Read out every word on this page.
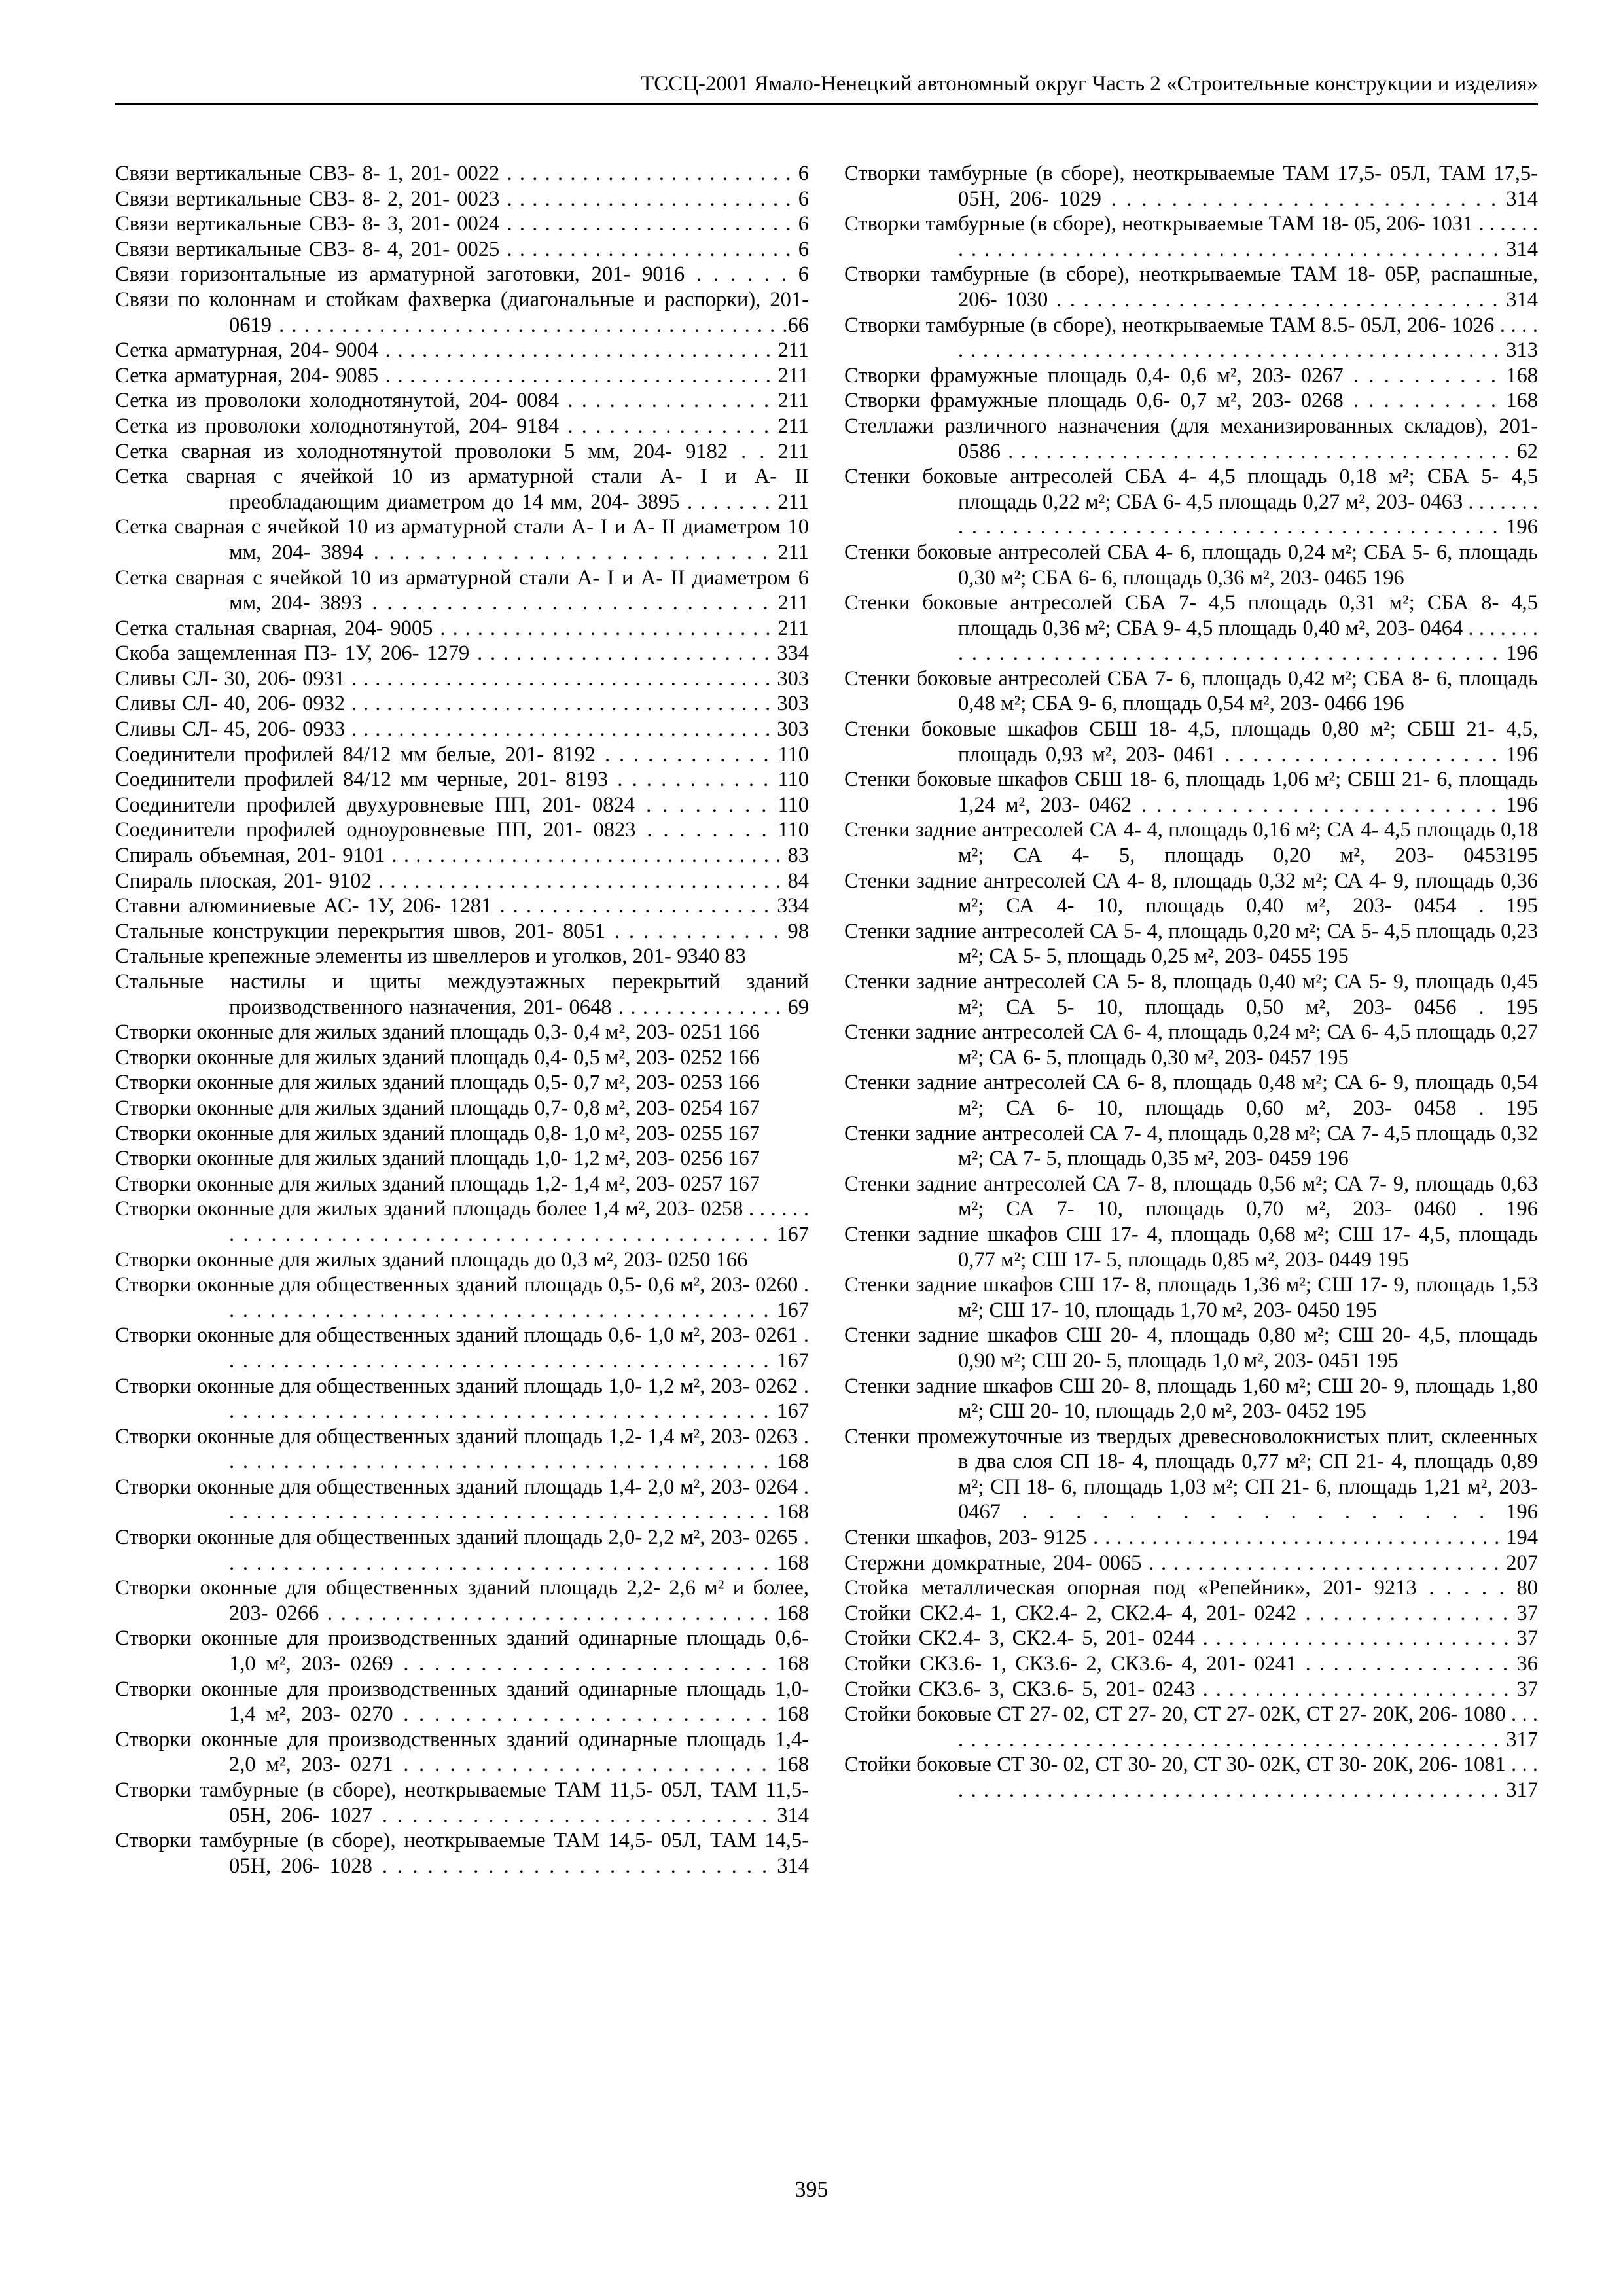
ТССЦ-2001 Ямало-Ненецкий автономный округ Часть 2 «Строительные конструкции и изделия»
Связи вертикальные СВ3- 8- 1, 201- 0022 . . . . . . . . . . . . . . . . . . . . . . . 6
Связи вертикальные СВ3- 8- 2, 201- 0023 . . . . . . . . . . . . . . . . . . . . . . . 6
Связи вертикальные СВ3- 8- 3, 201- 0024 . . . . . . . . . . . . . . . . . . . . . . . 6
Связи вертикальные СВ3- 8- 4, 201- 0025 . . . . . . . . . . . . . . . . . . . . . . . 6
Связи горизонтальные из арматурной заготовки, 201- 9016 . . . . . . 6
Связи по колоннам и стойкам фахверка (диагональные и распорки), 201- 0619 . . . . . . . . . . . . . . . . . . . . . . . . . . . . . . . . . . . . . . . . .66
Сетка арматурная, 204- 9004 . . . . . . . . . . . . . . . . . . . . . . . . . . . . . . . . 211
Сетка арматурная, 204- 9085 . . . . . . . . . . . . . . . . . . . . . . . . . . . . . . . . 211
Сетка из проволоки холоднотянутой, 204- 0084 . . . . . . . . . . . . . . . 211
Сетка из проволоки холоднотянутой, 204- 9184 . . . . . . . . . . . . . . . 211
Сетка сварная из холоднотянутой проволоки 5 мм, 204- 9182 . . 211
Сетка сварная с ячейкой 10 из арматурной стали А- I и А- II преобладающим диаметром до 14 мм, 204- 3895 . . . . . . . 211
Сетка сварная с ячейкой 10 из арматурной стали А- I и А- II диаметром 10 мм, 204- 3894 . . . . . . . . . . . . . . . . . . . . . . . . . . 211
Сетка сварная с ячейкой 10 из арматурной стали А- I и А- II диаметром 6 мм, 204- 3893 . . . . . . . . . . . . . . . . . . . . . . . . . . . 211
Сетка стальная сварная, 204- 9005 . . . . . . . . . . . . . . . . . . . . . . . . . . . 211
Скоба защемленная П3- 1У, 206- 1279 . . . . . . . . . . . . . . . . . . . . . . . 334
Сливы СЛ- 30, 206- 0931 . . . . . . . . . . . . . . . . . . . . . . . . . . . . . . . . . . . . 303
Сливы СЛ- 40, 206- 0932 . . . . . . . . . . . . . . . . . . . . . . . . . . . . . . . . . . . . 303
Сливы СЛ- 45, 206- 0933 . . . . . . . . . . . . . . . . . . . . . . . . . . . . . . . . . . . . 303
Соединители профилей 84/12 мм белые, 201- 8192 . . . . . . . . . . . . 110
Соединители профилей 84/12 мм черные, 201- 8193 . . . . . . . . . . . 110
Соединители профилей двухуровневые ПП, 201- 0824 . . . . . . . . 110
Соединители профилей одноуровневые ПП, 201- 0823 . . . . . . . . 110
Спираль объемная, 201- 9101 . . . . . . . . . . . . . . . . . . . . . . . . . . . . . . . . . 83
Спираль плоская, 201- 9102 . . . . . . . . . . . . . . . . . . . . . . . . . . . . . . . . . . 84
Ставни алюминиевые АС- 1У, 206- 1281 . . . . . . . . . . . . . . . . . . . . . 334
Стальные конструкции перекрытия швов, 201- 8051 . . . . . . . . . . . . 98
Стальные крепежные элементы из швеллеров и уголков, 201- 9340 83
Стальные настилы и щиты междуэтажных перекрытий зданий производственного назначения, 201- 0648 . . . . . . . . . . . . . . 69
Створки оконные для жилых зданий площадь 0,3- 0,4 м², 203- 0251 166
Створки оконные для жилых зданий площадь 0,4- 0,5 м², 203- 0252 166
Створки оконные для жилых зданий площадь 0,5- 0,7 м², 203- 0253 166
Створки оконные для жилых зданий площадь 0,7- 0,8 м², 203- 0254 167
Створки оконные для жилых зданий площадь 0,8- 1,0 м², 203- 0255 167
Створки оконные для жилых зданий площадь 1,0- 1,2 м², 203- 0256 167
Створки оконные для жилых зданий площадь 1,2- 1,4 м², 203- 0257 167
Створки оконные для жилых зданий площадь более 1,4 м², 203- 0258 . . . . . . . . . . . . . . . . . . . . . . . . . . . . . . . . . . . . . . . . . . . . . 167
Створки оконные для жилых зданий площадь до 0,3 м², 203- 0250 166
Створки оконные для общественных зданий площадь 0,5- 0,6 м², 203- 0260 . . . . . . . . . . . . . . . . . . . . . . . . . . . . . . . . . . . . . . . . . 167
Створки оконные для общественных зданий площадь 0,6- 1,0 м², 203- 0261 . . . . . . . . . . . . . . . . . . . . . . . . . . . . . . . . . . . . . . . . . 167
Створки оконные для общественных зданий площадь 1,0- 1,2 м², 203- 0262 . . . . . . . . . . . . . . . . . . . . . . . . . . . . . . . . . . . . . . . . . 167
Створки оконные для общественных зданий площадь 1,2- 1,4 м², 203- 0263 . . . . . . . . . . . . . . . . . . . . . . . . . . . . . . . . . . . . . . . . . 168
Створки оконные для общественных зданий площадь 1,4- 2,0 м², 203- 0264 . . . . . . . . . . . . . . . . . . . . . . . . . . . . . . . . . . . . . . . . . 168
Створки оконные для общественных зданий площадь 2,0- 2,2 м², 203- 0265 . . . . . . . . . . . . . . . . . . . . . . . . . . . . . . . . . . . . . . . . . 168
Створки оконные для общественных зданий площадь 2,2- 2,6 м² и более, 203- 0266 . . . . . . . . . . . . . . . . . . . . . . . . . . . . . . . . . 168
Створки оконные для производственных зданий одинарные площадь 0,6- 1,0 м², 203- 0269 . . . . . . . . . . . . . . . . . . . . . . . . 168
Створки оконные для производственных зданий одинарные площадь 1,0- 1,4 м², 203- 0270 . . . . . . . . . . . . . . . . . . . . . . . . 168
Створки оконные для производственных зданий одинарные площадь 1,4- 2,0 м², 203- 0271 . . . . . . . . . . . . . . . . . . . . . . . . 168
Створки тамбурные (в сборе), неоткрываемые ТАМ 11,5- 05Л, ТАМ 11,5- 05Н, 206- 1027 . . . . . . . . . . . . . . . . . . . . . . . . . . 314
Створки тамбурные (в сборе), неоткрываемые ТАМ 14,5- 05Л, ТАМ 14,5- 05Н, 206- 1028 . . . . . . . . . . . . . . . . . . . . . . . . . . 314
Створки тамбурные (в сборе), неоткрываемые ТАМ 17,5- 05Л, ТАМ 17,5- 05Н, 206- 1029 . . . . . . . . . . . . . . . . . . . . . . . . . . 314
Створки тамбурные (в сборе), неоткрываемые ТАМ 18- 05, 206- 1031 . . . . . . . . . . . . . . . . . . . . . . . . . . . . . . . . . . . . . . . . . . . . . . . . 314
Створки тамбурные (в сборе), неоткрываемые ТАМ 18- 05Р, распашные, 206- 1030 . . . . . . . . . . . . . . . . . . . . . . . . . . . . . . . . . 314
Створки тамбурные (в сборе), неоткрываемые ТАМ 8.5- 05Л, 206- 1026 . . . . . . . . . . . . . . . . . . . . . . . . . . . . . . . . . . . . . . . . . . . . . . . . 313
Створки фрамужные площадь 0,4- 0,6 м², 203- 0267 . . . . . . . . . . 168
Створки фрамужные площадь 0,6- 0,7 м², 203- 0268 . . . . . . . . . . 168
Стеллажи различного назначения (для механизированных складов), 201- 0586 . . . . . . . . . . . . . . . . . . . . . . . . . . . . . . . . . . . . . . . . 62
Стенки боковые антресолей СБА 4- 4,5 площадь 0,18 м²; СБА 5- 4,5 площадь 0,22 м²; СБА 6- 4,5 площадь 0,27 м², 203- 0463 . . . . . . . . . . . . . . . . . . . . . . . . . . . . . . . . . . . . . . . . . . . . . . . 196
Стенки боковые антресолей СБА 4- 6, площадь 0,24 м²; СБА 5- 6, площадь 0,30 м²; СБА 6- 6, площадь 0,36 м², 203- 0465 196
Стенки боковые антресолей СБА 7- 4,5 площадь 0,31 м²; СБА 8- 4,5 площадь 0,36 м²; СБА 9- 4,5 площадь 0,40 м², 203- 0464 . . . . . . . . . . . . . . . . . . . . . . . . . . . . . . . . . . . . . . . . . . . . . . . 196
Стенки боковые антресолей СБА 7- 6, площадь 0,42 м²; СБА 8- 6, площадь 0,48 м²; СБА 9- 6, площадь 0,54 м², 203- 0466 196
Стенки боковые шкафов СБШ 18- 4,5, площадь 0,80 м²; СБШ 21- 4,5, площадь 0,93 м², 203- 0461 . . . . . . . . . . . . . . . . . . . . 196
Стенки боковые шкафов СБШ 18- 6, площадь 1,06 м²; СБШ 21- 6, площадь 1,24 м², 203- 0462 . . . . . . . . . . . . . . . . . . . . . . . . 196
Стенки задние антресолей СА 4- 4, площадь 0,16 м²; СА 4- 4,5 площадь 0,18 м²; СА 4- 5, площадь 0,20 м², 203- 0453195
Стенки задние антресолей СА 4- 8, площадь 0,32 м²; СА 4- 9, площадь 0,36 м²; СА 4- 10, площадь 0,40 м², 203- 0454 . 195
Стенки задние антресолей СА 5- 4, площадь 0,20 м²; СА 5- 4,5 площадь 0,23 м²; СА 5- 5, площадь 0,25 м², 203- 0455 195
Стенки задние антресолей СА 5- 8, площадь 0,40 м²; СА 5- 9, площадь 0,45 м²; СА 5- 10, площадь 0,50 м², 203- 0456 . 195
Стенки задние антресолей СА 6- 4, площадь 0,24 м²; СА 6- 4,5 площадь 0,27 м²; СА 6- 5, площадь 0,30 м², 203- 0457 195
Стенки задние антресолей СА 6- 8, площадь 0,48 м²; СА 6- 9, площадь 0,54 м²; СА 6- 10, площадь 0,60 м², 203- 0458 . 195
Стенки задние антресолей СА 7- 4, площадь 0,28 м²; СА 7- 4,5 площадь 0,32 м²; СА 7- 5, площадь 0,35 м², 203- 0459 196
Стенки задние антресолей СА 7- 8, площадь 0,56 м²; СА 7- 9, площадь 0,63 м²; СА 7- 10, площадь 0,70 м², 203- 0460 . 196
Стенки задние шкафов СШ 17- 4, площадь 0,68 м²; СШ 17- 4,5, площадь 0,77 м²; СШ 17- 5, площадь 0,85 м², 203- 0449 195
Стенки задние шкафов СШ 17- 8, площадь 1,36 м²; СШ 17- 9, площадь 1,53 м²; СШ 17- 10, площадь 1,70 м², 203- 0450 195
Стенки задние шкафов СШ 20- 4, площадь 0,80 м²; СШ 20- 4,5, площадь 0,90 м²; СШ 20- 5, площадь 1,0 м², 203- 0451 195
Стенки задние шкафов СШ 20- 8, площадь 1,60 м²; СШ 20- 9, площадь 1,80 м²; СШ 20- 10, площадь 2,0 м², 203- 0452 195
Стенки промежуточные из твердых древесноволокнистых плит, склеенных в два слоя СП 18- 4, площадь 0,77 м²; СП 21- 4, площадь 0,89 м²; СП 18- 6, площадь 1,03 м²; СП 21- 6, площадь 1,21 м², 203- 0467 . . . . . . . . . . . . . . . . . . 196
Стенки шкафов, 203- 9125 . . . . . . . . . . . . . . . . . . . . . . . . . . . . . . . . . . . 194
Стержни домкратные, 204- 0065 . . . . . . . . . . . . . . . . . . . . . . . . . . . . . 207
Стойка металлическая опорная под «Репейник», 201- 9213 . . . . . 80
Стойки СК2.4- 1, СК2.4- 2, СК2.4- 4, 201- 0242 . . . . . . . . . . . . . . . 37
Стойки СК2.4- 3, СК2.4- 5, 201- 0244 . . . . . . . . . . . . . . . . . . . . . . . . 37
Стойки СК3.6- 1, СК3.6- 2, СК3.6- 4, 201- 0241 . . . . . . . . . . . . . . . 36
Стойки СК3.6- 3, СК3.6- 5, 201- 0243 . . . . . . . . . . . . . . . . . . . . . . . . 37
Стойки боковые СТ 27- 02, СТ 27- 20, СТ 27- 02К, СТ 27- 20К, 206- 1080 . . . . . . . . . . . . . . . . . . . . . . . . . . . . . . . . . . . . . . . . . . . . . . 317
Стойки боковые СТ 30- 02, СТ 30- 20, СТ 30- 02К, СТ 30- 20К, 206- 1081 . . . . . . . . . . . . . . . . . . . . . . . . . . . . . . . . . . . . . . . . . . . . . . 317
395
